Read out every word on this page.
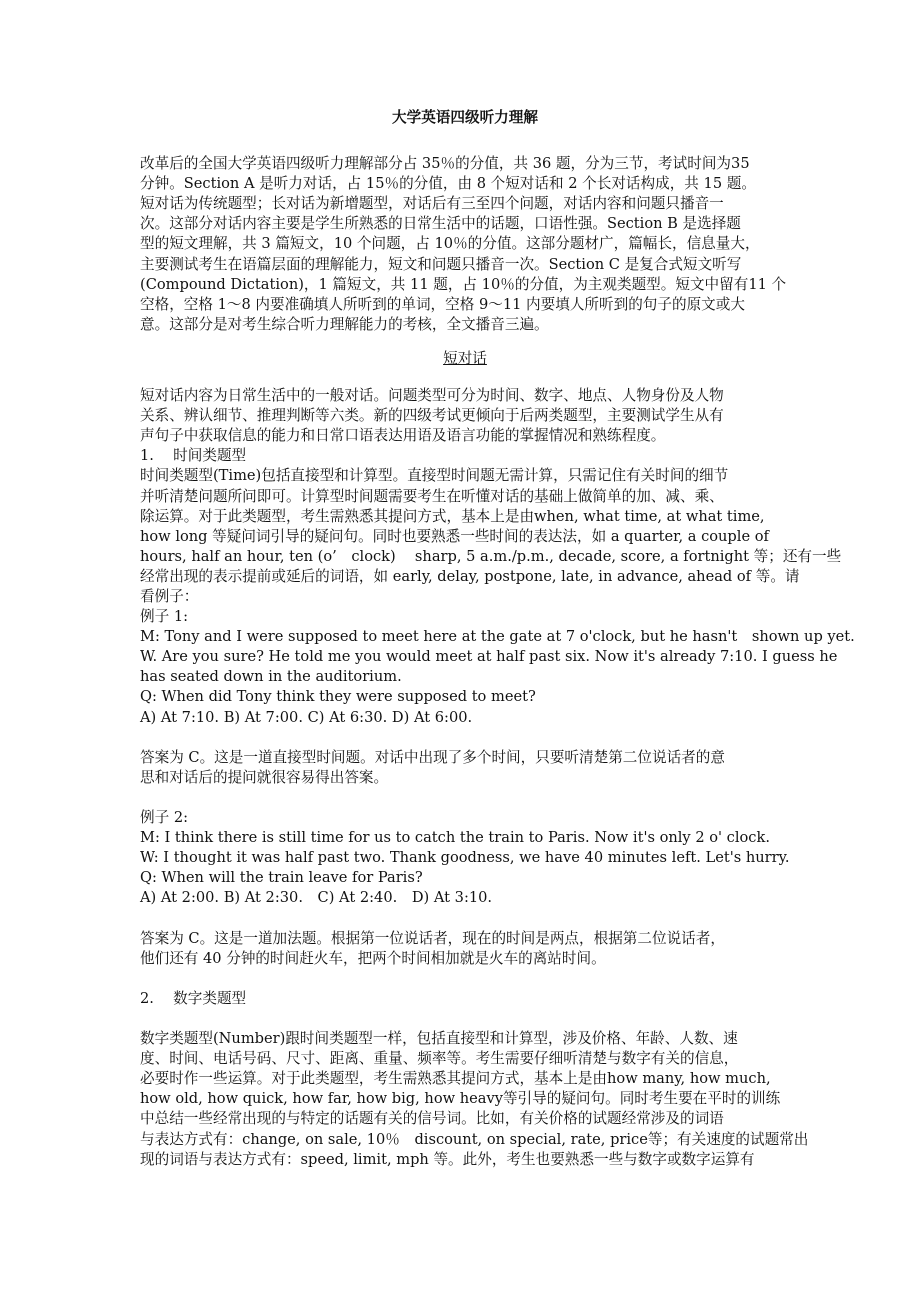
大学英语四级听力理解
改革后的全国大学英语四级听力理解部分占 35％的分值，共 36 题，分为三节，考试时间为35
分钟。Section A 是听力对话，占 15％的分值，由 8 个短对话和 2 个长对话构成，共 15 题。
短对话为传统题型；长对话为新增题型，对话后有三至四个问题，对话内容和问题只播音一
次。这部分对话内容主要是学生所熟悉的日常生活中的话题，口语性强。Section B 是选择题
型的短文理解，共 3 篇短文，10 个问题，占 10％的分值。这部分题材广，篇幅长，信息量大，
主要测试考生在语篇层面的理解能力，短文和问题只播音一次。Section C 是复合式短文听写
(Compound Dictation)，1 篇短文，共 11 题，占 10％的分值，为主观类题型。短文中留有11 个
空格，空格 1～8 内要准确填人所听到的单词，空格 9～11 内要填人所听到的句子的原文或大
意。这部分是对考生综合听力理解能力的考核，全文播音三遍。
短对话
短对话内容为日常生活中的一般对话。问题类型可分为时间、数字、地点、人物身份及人物
关系、辨认细节、推理判断等六类。新的四级考试更倾向于后两类题型，主要测试学生从有
声句子中获取信息的能力和日常口语表达用语及语言功能的掌握情况和熟练程度。
1.　 时间类题型
时间类题型(Time)包括直接型和计算型。直接型时间题无需计算，只需记住有关时间的细节
并听清楚问题所问即可。计算型时间题需要考生在听懂对话的基础上做简单的加、减、乘、
除运算。对于此类题型，考生需熟悉其提问方式，基本上是由when, what time, at what time,
how long 等疑问词引导的疑问句。同时也要熟悉一些时间的表达法，如 a quarter, a couple of
hours, half an hour, ten (o’　clock)　 sharp, 5 a.m./p.m., decade, score, a fortnight 等；还有一些
经常出现的表示提前或延后的词语，如 early, delay, postpone, late, in advance, ahead of 等。请
看例子：
例子 1:
M: Tony and I were supposed to meet here at the gate at 7 o'clock, but he hasn't　shown up yet.
W. Are you sure? He told me you would meet at half past six. Now it's already 7:10. I guess he
has seated down in the auditorium.
Q: When did Tony think they were supposed to meet?
A) At 7:10. B) At 7:00. C) At 6:30. D) At 6:00.
答案为 C。这是一道直接型时间题。对话中出现了多个时间，只要听清楚第二位说话者的意
思和对话后的提问就很容易得出答案。
例子 2:
M: I think there is still time for us to catch the train to Paris. Now it's only 2 o' clock.
W: I thought it was half past two. Thank goodness, we have 40 minutes left. Let's hurry.
Q: When will the train leave for Paris?
A) At 2:00. B) At 2:30.　C) At 2:40.　D) At 3:10.
答案为 C。这是一道加法题。根据第一位说话者，现在的时间是两点，根据第二位说话者，
他们还有 40 分钟的时间赶火车，把两个时间相加就是火车的离站时间。
2.　 数字类题型
数字类题型(Number)跟时间类题型一样，包括直接型和计算型，涉及价格、年龄、人数、速
度、时间、电话号码、尺寸、距离、重量、频率等。考生需要仔细听清楚与数字有关的信息，
必要时作一些运算。对于此类题型，考生需熟悉其提问方式，基本上是由how many, how much,
how old, how quick, how far, how big, how heavy等引导的疑问句。同时考生要在平时的训练
中总结一些经常出现的与特定的话题有关的信号词。比如，有关价格的试题经常涉及的词语
与表达方式有：change, on sale, 10％　discount, on special, rate, price等；有关速度的试题常出
现的词语与表达方式有：speed, limit, mph 等。此外，考生也要熟悉一些与数字或数字运算有
